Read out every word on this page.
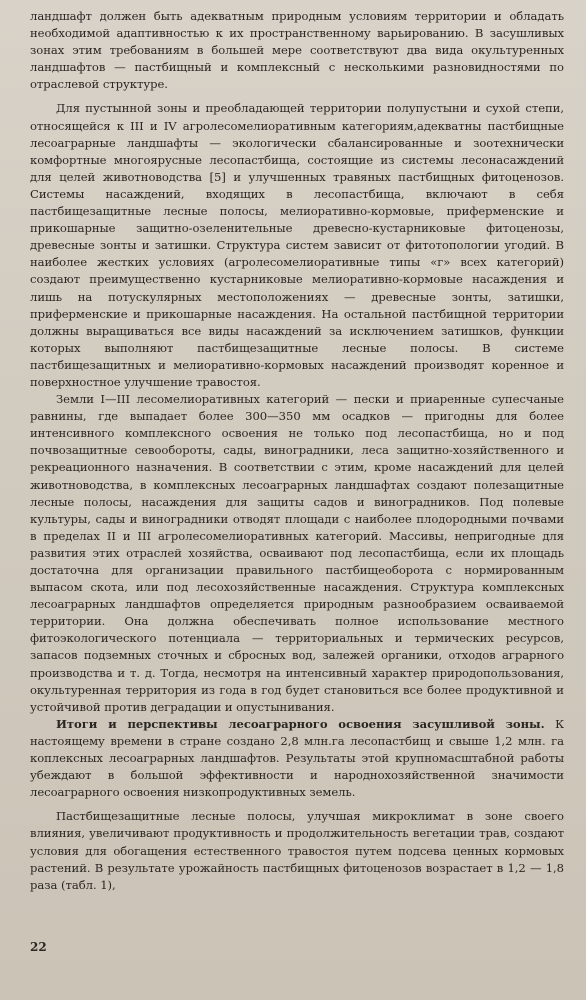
ландшафт должен быть адекватным природным условиям территории и обладать необходимой адаптивностью к их пространственному варьированию. В засушливых зонах этим требованиям в большей мере соответствуют два вида окультуренных ландшафтов — пастбищный и комплексный с несколькими разновидностями по отраслевой структуре.

Для пустынной зоны и преобладающей территории полупустыни и сухой степи, относящейся к III и IV агролесомелиоративным категориям,адекватны пастбищные лесоаграрные ландшафты — экологически сбалансированные и зоотехнически комфортные многоярусные лесопастбища, состоящие из системы лесонасаждений для целей животноводства [5] и улучшенных травяных пастбищных фитоценозов. Системы насаждений, входящих в лесопастбища, включают в себя пастбищезащитные лесные полосы, мелиоративно-кормовые, приферменские и прикошарные защитно-озеленительные древесно-кустарниковые фитоценозы, древесные зонты и затишки. Структура систем зависит от фитотопологии угодий. В наиболее жестких условиях (агролесомелиоративные типы «г» всех категорий) создают преимущественно кустарниковые мелиоративно-кормовые насаждения и лишь на потускулярных местоположениях — древесные зонты, затишки, приферменские и прикошарные насаждения. На остальной пастбищной территории должны выращиваться все виды насаждений за исключением затишков, функции которых выполняют пастбищезащитные лесные полосы. В системе пастбищезащитных и мелиоративно-кормовых насаждений производят коренное и поверхностное улучшение травостоя.

Земли I—III лесомелиоративных категорий — пески и приаренные супесчаные равнины, где выпадает более 300—350 мм осадков — пригодны для более интенсивного комплексного освоения не только под лесопастбища, но и под почвозащитные севообороты, сады, виноградники, леса защитно-хозяйственного и рекреационного назначения. В соответствии с этим, кроме насаждений для целей животноводства, в комплексных лесоаграрных ландшафтах создают полезащитные лесные полосы, насаждения для защиты садов и виноградников. Под полевые культуры, сады и виноградники отводят площади с наиболее плодородными почвами в пределах II и III агролесомелиоративных категорий. Массивы, непригодные для развития этих отраслей хозяйства, осваивают под лесопастбища, если их площадь достаточна для организации правильного пастбищеоборота с нормированным выпасом скота, или под лесохозяйственные насаждения. Структура комплексных лесоаграрных ландшафтов определяется природным разнообразием осваиваемой территории. Она должна обеспечивать полное использование местного фитоэкологического потенциала — территориальных и термических ресурсов, запасов подземных сточных и сбросных вод, залежей органики, отходов аграрного производства и т. д. Тогда, несмотря на интенсивный характер природопользования, окультуренная территория из года в год будет становиться все более продуктивной и устойчивой против деградации и опустынивания.

Итоги и перспективы лесоаграрного освоения засушливой зоны. К настоящему времени в стране создано 2,8 млн.га лесопастбищ и свыше 1,2 млн. га коплексных лесоаграрных ландшафтов. Результаты этой крупномасштабной работы убеждают в большой эффективности и народнохозяйственной значимости лесоаграрного освоения низкопродуктивных земель.

Пастбищезащитные лесные полосы, улучшая микроклимат в зоне своего влияния, увеличивают продуктивность и продолжительность вегетации трав, создают условия для обогащения естественного травостоя путем подсева ценных кормовых растений. В результате урожайность пастбищных фитоценозов возрастает в 1,2 — 1,8 раза (табл. 1),

22
